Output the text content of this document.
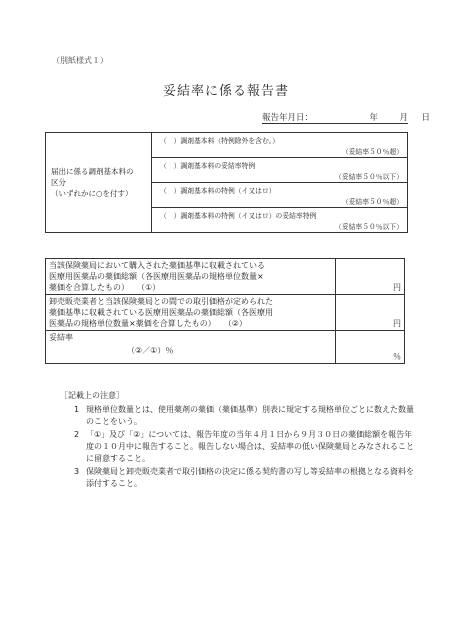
（別紙様式１）
妥結率に係る報告書
報告年月日：	年	月 日
届出に係る調剤基本料の
区分
（いずれかに○を付す）

（　）調剤基本料（特例除外を含む。）
（妥結率５０％超）

（　）調剤基本料の妥結率特例
（妥結率５０％以下）

（　）調剤基本料の特例（イ又はロ）
（妥結率５０％超）

（　）調剤基本料の特例（イ又はロ）の妥結率特例
（妥結率５０％以下）
当該保険薬局において購入された薬価基準に収載されている
医療用医薬品の薬価総額（各医療用医薬品の規格単位数量×
薬価を合算したもの）　　（①）	円

卸売販売業者と当該保険薬局との間での取引価格が定められた
薬価基準に収載されている医療用医薬品の薬価総額（各医療用
医薬品の規格単位数量×薬価を合算したもの）　　（②）	円

妥結率
（②／①）％	％
［記載上の注意］
1 規格単位数量とは、使用薬剤の薬価（薬価基準）別表に規定する規格単位ごとに数えた数量のことをいう。
2 「①」及び「②」については、報告年度の当年４月１日から９月３０日の薬価総額を報告年度の１０月中に報告すること。報告しない場合は、妥結率の低い保険薬局とみなされることに留意すること。
3 保険薬局と卸売販売業者で取引価格の決定に係る契約書の写し等妥結率の根拠となる資料を添付すること。
